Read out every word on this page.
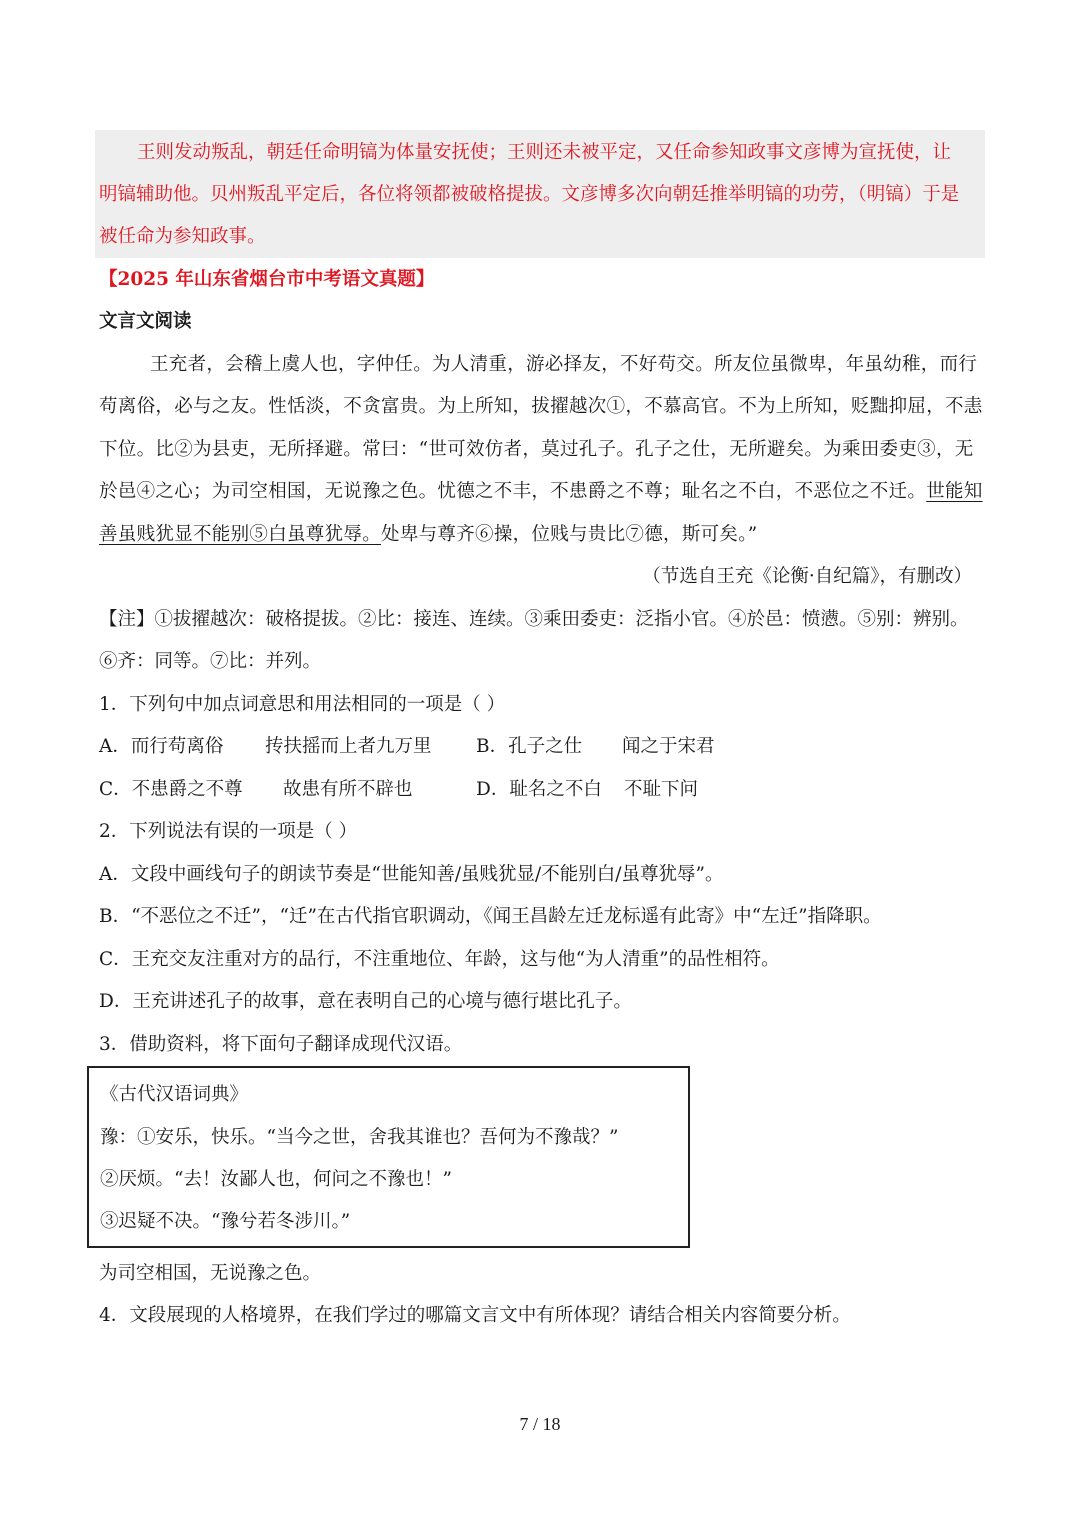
王则发动叛乱，朝廷任命明镐为体量安抚使；王则还未被平定，又任命参知政事文彦博为宣抚使，让
明镐辅助他。贝州叛乱平定后，各位将领都被破格提拔。文彦博多次向朝廷推举明镐的功劳，（明镐）于是
被任命为参知政事。
【2025 年山东省烟台市中考语文真题】
文言文阅读
王充者，会稽上虞人也，字仲任。为人清重，游必择友，不好苟交。所友位虽微卑，年虽幼稚，而行
苟离俗，必与之友。性恬淡，不贪富贵。为上所知，拔擢越次①，不慕高官。不为上所知，贬黜抑屈，不恚
下位。比②为县吏，无所择避。常曰：“世可效仿者，莫过孔子。孔子之仕，无所避矣。为乘田委吏③，无
於邑④之心；为司空相国，无说豫之色。忧德之不丰，不患爵之不尊；耻名之不白，不恶位之不迁。世能知
善虽贱犹显不能别⑤白虽尊犹辱。处卑与尊齐⑥操，位贱与贵比⑦德，斯可矣。”
（节选自王充《论衡·自纪篇》，有删改）
【注】①拔擢越次：破格提拔。②比：接连、连续。③乘田委吏：泛指小官。④於邑：愤懑。⑤别：辨别。
⑥齐：同等。⑦比：并列。
1．下列句中加点词意思和用法相同的一项是（ ）
A．而行苟离俗 抟扶摇而上者九万里 B．孔子之仕 闻之于宋君
C．不患爵之不尊 故患有所不辟也	D．耻名之不白 不耻下问
2．下列说法有误的一项是（ ）
A．文段中画线句子的朗读节奏是“世能知善/虽贱犹显/不能别白/虽尊犹辱”。
B．“不恶位之不迁”，“迁”在古代指官职调动，《闻王昌龄左迁龙标遥有此寄》中“左迁”指降职。
C．王充交友注重对方的品行，不注重地位、年龄，这与他“为人清重”的品性相符。
D．王充讲述孔子的故事，意在表明自己的心境与德行堪比孔子。
3．借助资料，将下面句子翻译成现代汉语。
《古代汉语词典》
豫：①安乐，快乐。“当今之世，舍我其谁也？吾何为不豫哉？”
②厌烦。“去！汝鄙人也，何问之不豫也！”
③迟疑不决。“豫兮若冬涉川。”
为司空相国，无说豫之色。
4．文段展现的人格境界，在我们学过的哪篇文言文中有所体现？请结合相关内容简要分析。
7 / 18
